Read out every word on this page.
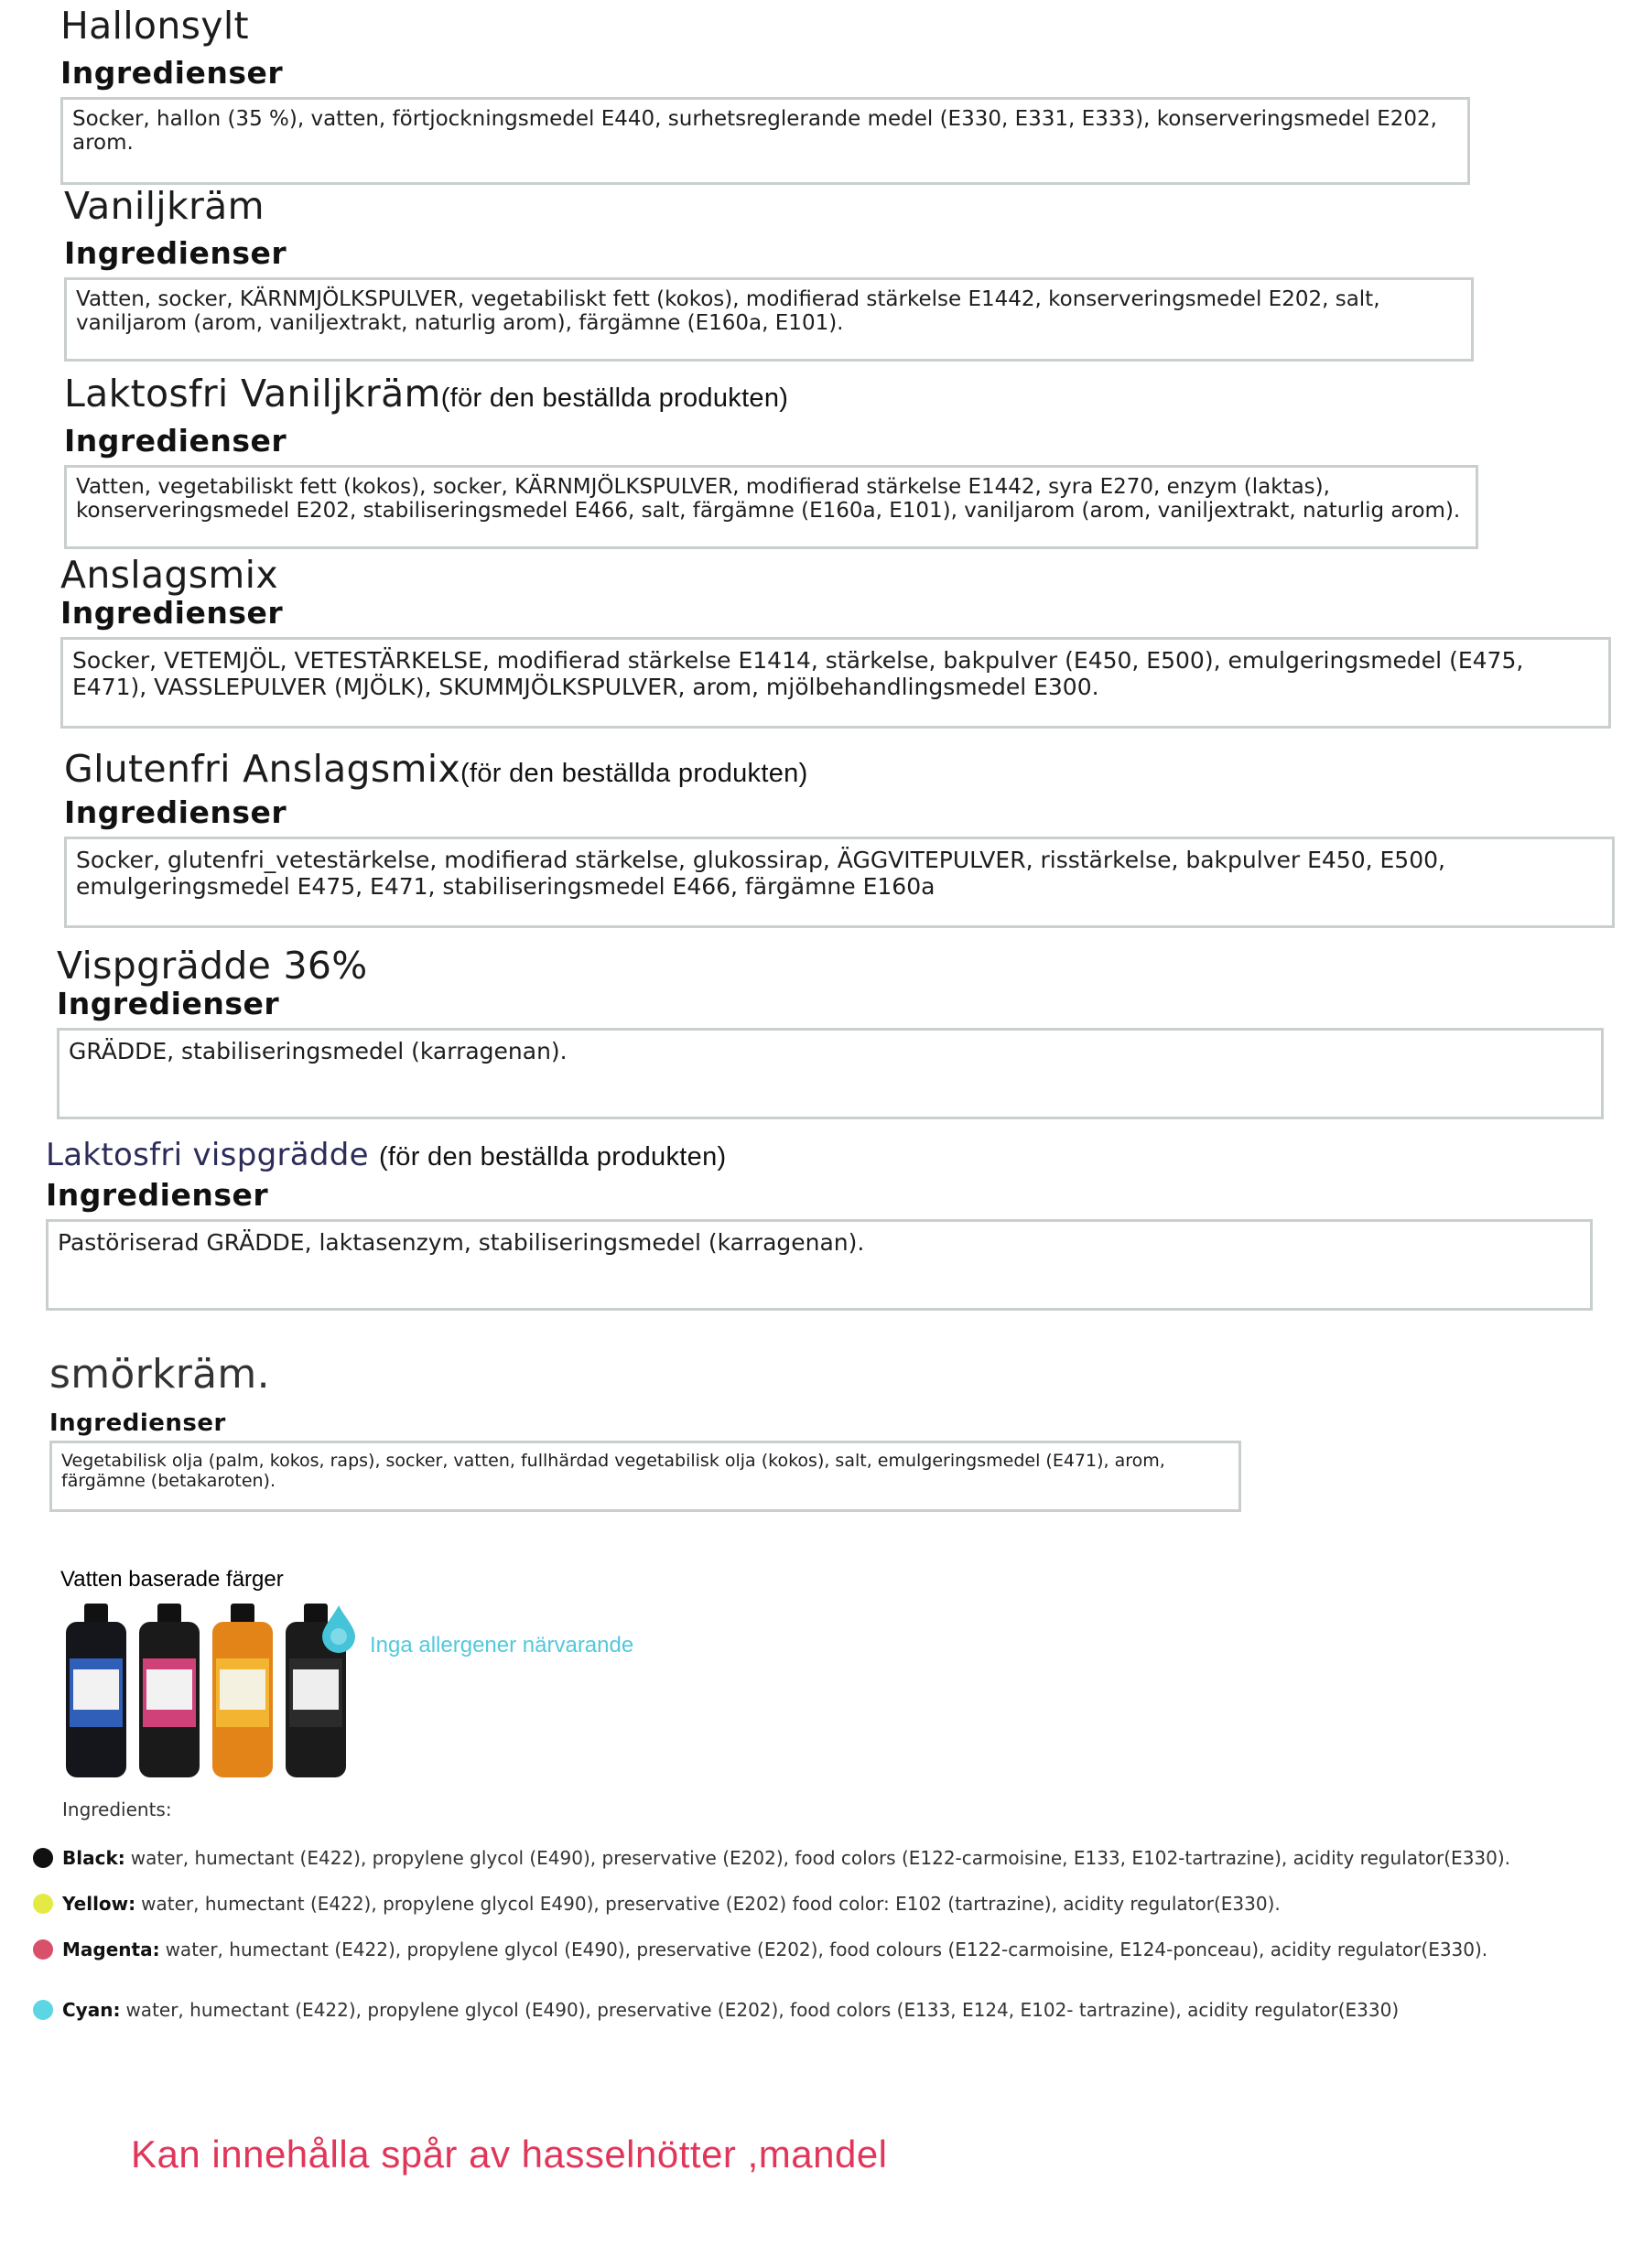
Hallonsylt
Ingredienser
Socker, hallon (35 %), vatten, förtjockningsmedel E440, surhetsreglerande medel (E330, E331, E333), konserveringsmedel E202, arom.
Vaniljkräm
Ingredienser
Vatten, socker, KÄRNMJÖLKSPULVER, vegetabiliskt fett (kokos), modifierad stärkelse E1442, konserveringsmedel E202, salt, vaniljarom (arom, vaniljextrakt, naturlig arom), färgämne (E160a, E101).
Laktosfri Vaniljkräm(för den beställda produkten)
Ingredienser
Vatten, vegetabiliskt fett (kokos), socker, KÄRNMJÖLKSPULVER, modifierad stärkelse E1442, syra E270, enzym (laktas), konserveringsmedel E202, stabiliseringsmedel E466, salt, färgämne (E160a, E101), vaniljarom (arom, vaniljextrakt, naturlig arom).
Anslagsmix
Ingredienser
Socker, VETEMJÖL, VETESTÄRKELSE, modifierad stärkelse E1414, stärkelse, bakpulver (E450, E500), emulgeringsmedel (E475, E471), VASSLEPULVER (MJÖLK), SKUMMJÖLKSPULVER, arom, mjölbehandlingsmedel E300.
Glutenfri Anslagsmix(för den beställda produkten)
Ingredienser
Socker, glutenfri_vetestärkelse, modifierad stärkelse, glukossirap, ÄGGVITEPULVER, risstärkelse, bakpulver E450, E500, emulgeringsmedel E475, E471, stabiliseringsmedel E466, färgämne E160a
Vispgrädde 36%
Ingredienser
GRÄDDE, stabiliseringsmedel (karragenan).
Laktosfri vispgrädde (för den beställda produkten)
Ingredienser
Pastöriserad GRÄDDE, laktasenzym, stabiliseringsmedel (karragenan).
smörkräm.
Ingredienser
Vegetabilisk olja (palm, kokos, raps), socker, vatten, fullhärdad vegetabilisk olja (kokos), salt, emulgeringsmedel (E471), arom, färgämne (betakaroten).
Vatten baserade färger
Inga allergener närvarande
Ingredients:
Black: water, humectant (E422), propylene glycol (E490), preservative (E202), food colors (E122-carmoisine, E133, E102-tartrazine), acidity regulator(E330).
Yellow: water, humectant (E422), propylene glycol E490), preservative (E202) food color: E102 (tartrazine), acidity regulator(E330).
Magenta: water, humectant (E422), propylene glycol (E490), preservative (E202), food colours (E122-carmoisine, E124-ponceau), acidity regulator(E330).
Cyan: water, humectant (E422), propylene glycol (E490), preservative (E202), food colors (E133, E124, E102- tartrazine), acidity regulator(E330)
Kan innehålla spår av hasselnötter ,mandel
